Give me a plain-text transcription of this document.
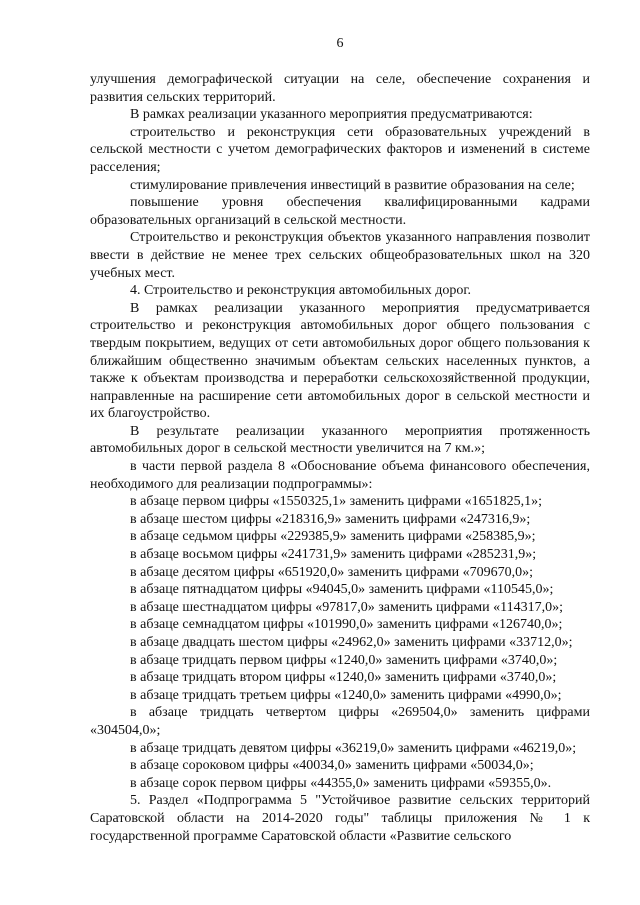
6

улучшения демографической ситуации на селе, обеспечение сохранения и развития сельских территорий.

В рамках реализации указанного мероприятия предусматриваются:

строительство и реконструкция сети образовательных учреждений в сельской местности с учетом демографических факторов и изменений в системе расселения;

стимулирование привлечения инвестиций в развитие образования на селе;

повышение уровня обеспечения квалифицированными кадрами образовательных организаций в сельской местности.

Строительство и реконструкция объектов указанного направления позволит ввести в действие не менее трех сельских общеобразовательных школ на 320 учебных мест.

4. Строительство и реконструкция автомобильных дорог.

В рамках реализации указанного мероприятия предусматривается строительство и реконструкция автомобильных дорог общего пользования с твердым покрытием, ведущих от сети автомобильных дорог общего пользования к ближайшим общественно значимым объектам сельских населенных пунктов, а также к объектам производства и переработки сельскохозяйственной продукции, направленные на расширение сети автомобильных дорог в сельской местности и их благоустройство.

В результате реализации указанного мероприятия протяженность автомобильных дорог в сельской местности увеличится на 7 км.»;

в части первой раздела 8 «Обоснование объема финансового обеспечения, необходимого для реализации подпрограммы»:

в абзаце первом цифры «1550325,1» заменить цифрами «1651825,1»;

в абзаце шестом цифры «218316,9» заменить цифрами «247316,9»;

в абзаце седьмом цифры «229385,9» заменить цифрами «258385,9»;

в абзаце восьмом цифры «241731,9» заменить цифрами «285231,9»;

в абзаце десятом цифры «651920,0» заменить цифрами «709670,0»;

в абзаце пятнадцатом цифры «94045,0» заменить цифрами «110545,0»;

в абзаце шестнадцатом цифры «97817,0» заменить цифрами «114317,0»;

в абзаце семнадцатом цифры «101990,0» заменить цифрами «126740,0»;

в абзаце двадцать шестом цифры «24962,0» заменить цифрами «33712,0»;

в абзаце тридцать первом цифры «1240,0» заменить цифрами «3740,0»;

в абзаце тридцать втором цифры «1240,0» заменить цифрами «3740,0»;

в абзаце тридцать третьем цифры «1240,0» заменить цифрами «4990,0»;

в абзаце тридцать четвертом цифры «269504,0» заменить цифрами «304504,0»;

в абзаце тридцать девятом цифры «36219,0» заменить цифрами «46219,0»;

в абзаце сороковом цифры «40034,0» заменить цифрами «50034,0»;

в абзаце сорок первом цифры «44355,0» заменить цифрами «59355,0».

5. Раздел «Подпрограмма 5 "Устойчивое развитие сельских территорий Саратовской области на 2014-2020 годы" таблицы приложения № 1 к государственной программе Саратовской области «Развитие сельского
